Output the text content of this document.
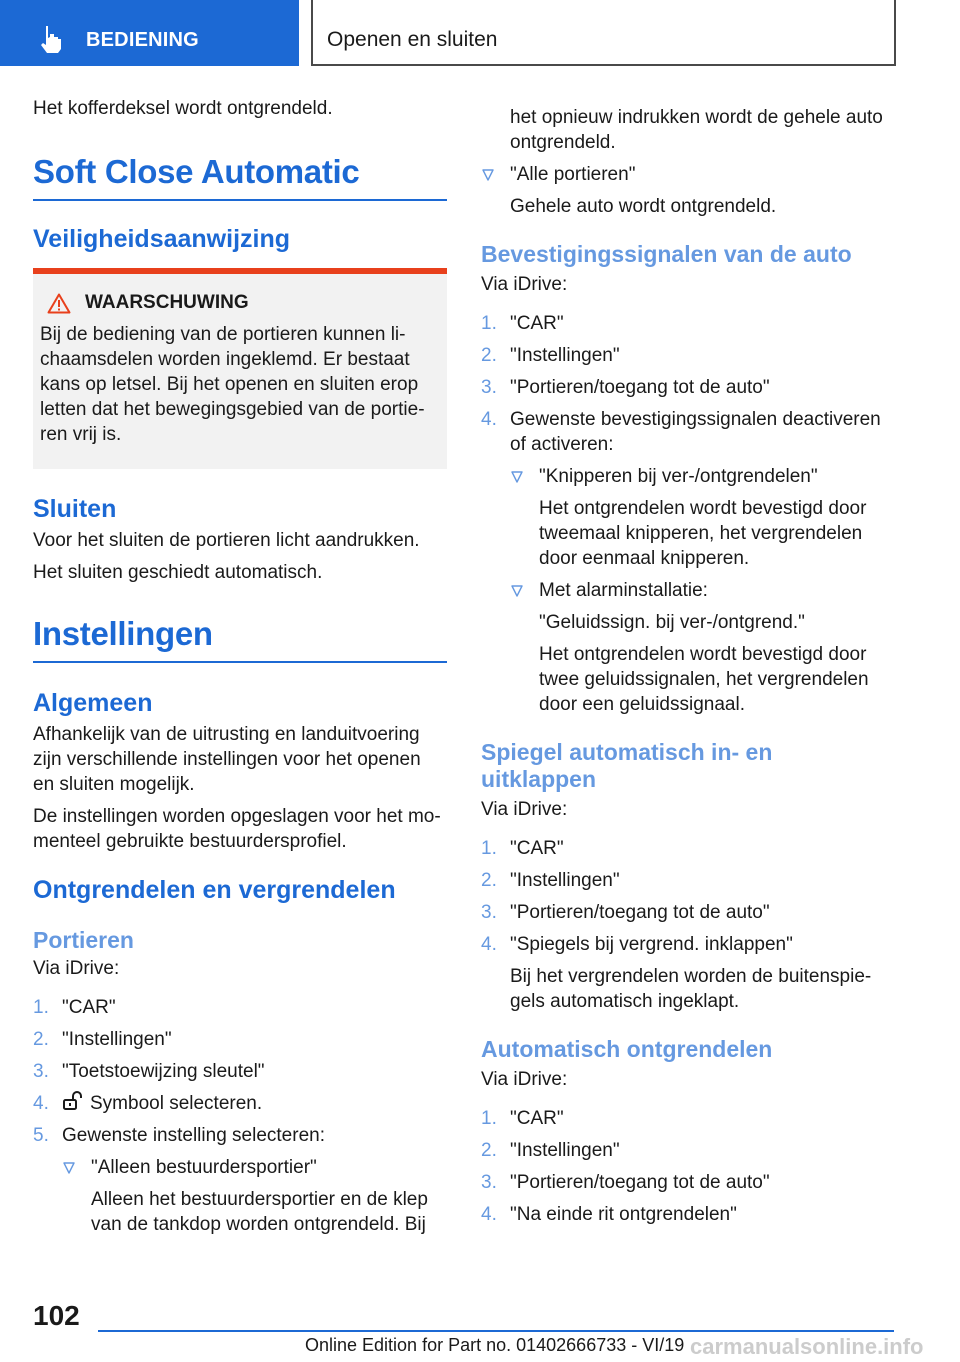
BEDIENING	Openen en sluiten

Het kofferdeksel wordt ontgrendeld.

Soft Close Automatic
Veiligheidsaanwijzing
WAARSCHUWING

Bij de bediening van de portieren kunnen lichaamsdelen worden ingeklemd. Er bestaat kans op letsel. Bij het openen en sluiten erop letten dat het bewegingsgebied van de portieren vrij is.

Sluiten

Voor het sluiten de portieren licht aandrukken.

Het sluiten geschiedt automatisch.

Instellingen
Algemeen

Afhankelijk van de uitrusting en landuitvoering zijn verschillende instellingen voor het openen en sluiten mogelijk.

De instellingen worden opgeslagen voor het momenteel gebruikte bestuurdersprofiel.

Ontgrendelen en vergrendelen
Portieren

Via iDrive:

1. "CAR"
2. "Instellingen"
3. "Toetstoewijzing sleutel"
4. Symbool selecteren.
5. Gewenste instelling selecteren:
"Alleen bestuurdersportier"
Alleen het bestuurdersportier en de klep van de tankdop worden ontgrendeld. Bij
het opnieuw indrukken wordt de gehele auto ontgrendeld.
"Alle portieren"
Gehele auto wordt ontgrendeld.
Bevestigingssignalen van de auto

Via iDrive:

1. "CAR"
2. "Instellingen"
3. "Portieren/toegang tot de auto"
4. Gewenste bevestigingssignalen deactiveren of activeren:
"Knipperen bij ver-/ontgrendelen"
Het ontgrendelen wordt bevestigd door tweemaal knipperen, het vergrendelen door eenmaal knipperen.
Met alarminstallatie:
"Geluidssign. bij ver-/ontgrend."
Het ontgrendelen wordt bevestigd door twee geluidssignalen, het vergrendelen door een geluidssignaal.
Spiegel automatisch in- en uitklappen

Via iDrive:

1. "CAR"
2. "Instellingen"
3. "Portieren/toegang tot de auto"
4. "Spiegels bij vergrend. inklappen"
Bij het vergrendelen worden de buitenspiegels automatisch ingeklapt.
Automatisch ontgrendelen

Via iDrive:

1. "CAR"
2. "Instellingen"
3. "Portieren/toegang tot de auto"
4. "Na einde rit ontgrendelen"
102
Online Edition for Part no. 01402666733 - VI/19 carmanualsonline.info
